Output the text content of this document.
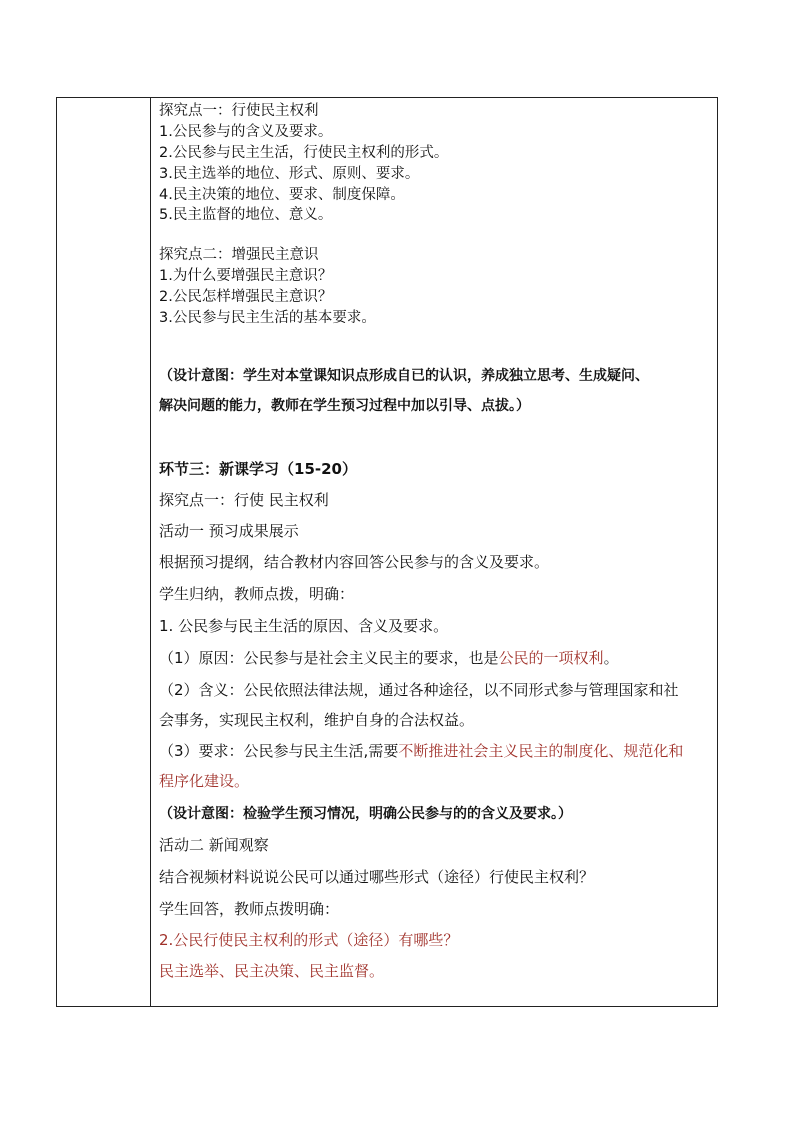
探究点一：行使民主权利
1.公民参与的含义及要求。
2.公民参与民主生活，行使民主权利的形式。
3.民主选举的地位、形式、原则、要求。
4.民主决策的地位、要求、制度保障。
5.民主监督的地位、意义。
探究点二：增强民主意识
1.为什么要增强民主意识？
2.公民怎样增强民主意识？
3.公民参与民主生活的基本要求。
（设计意图：学生对本堂课知识点形成自已的认识，养成独立思考、生成疑问、
解决问题的能力，教师在学生预习过程中加以引导、点拔。）
环节三：新课学习（15-20）
探究点一：行使 民主权利
活动一 预习成果展示
根据预习提纲，结合教材内容回答公民参与的含义及要求。
学生归纳，教师点拨，明确：
1. 公民参与民主生活的原因、含义及要求。
（1）原因：公民参与是社会主义民主的要求，也是公民的一项权利。
（2）含义：公民依照法律法规，通过各种途径，以不同形式参与管理国家和社
会事务，实现民主权利，维护自身的合法权益。
（3）要求：公民参与民主生活,需要不断推进社会主义民主的制度化、规范化和
程序化建设。
（设计意图：检验学生预习情况，明确公民参与的的含义及要求。）
活动二 新闻观察
结合视频材料说说公民可以通过哪些形式（途径）行使民主权利？
学生回答，教师点拨明确：
2.公民行使民主权利的形式（途径）有哪些？
民主选举、民主决策、民主监督。
